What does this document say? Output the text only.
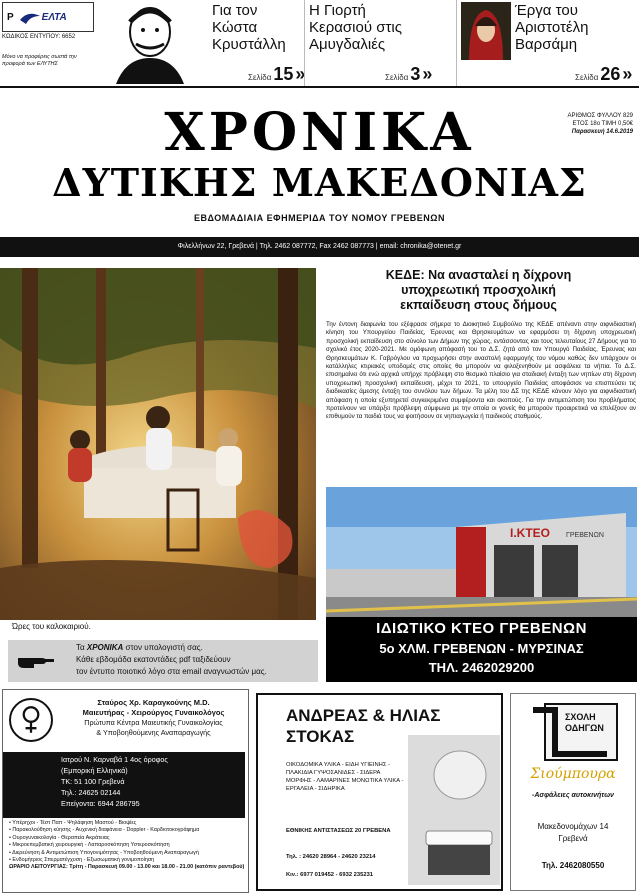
P	ΕΛΤΑ
ΚΩΔΙΚΟΣ ΕΝΤΥΠΟΥ: 6652
Μόνο να προφέρεις σωστά την προφορά των ΕΛΥΤΗΣ
Για τον
Κώστα
Κρυστάλλη
Σελίδα 15 »
Η Γιορτή
Κερασιού στις
Αμυγδαλιές
Σελίδα 3 »
Έργα του
Αριστοτέλη
Βαρσάμη
Σελίδα 26 »
ΧΡΟΝΙΚΑ
ΔΥΤΙΚΗΣ ΜΑΚΕΔΟΝΙΑΣ
ΕΒΔΟΜΑΔΙΑΙΑ ΕΦΗΜΕΡΙΔΑ ΤΟΥ ΝΟΜΟΥ ΓΡΕΒΕΝΩΝ
ΑΡΙΘΜΟΣ ΦΥΛΛΟΥ 829
ΕΤΟΣ 18ο ΤΙΜΗ 0,50€
Παρασκευή 14.6.2019
Φιλελλήνων 22, Γρεβενά | Τηλ. 2462 087772, Fax 2462 087773 | email: chronika@otenet.gr
Ώρες του καλοκαιριού.
ΚΕΔΕ: Να ανασταλεί η δίχρονη
υποχρεωτική προσχολική
εκπαίδευση στους δήμους
Την έντονη διαφωνία του εξέφρασε σήμερα το Διοικητικό Συμβούλιο της ΚΕΔΕ απέναντι στην αιφνιδιαστική κίνηση του Υπουργείου Παιδείας, Έρευνας και Θρησκευμάτων να εφαρμόσει τη δίχρονη υποχρεωτική προσχολική εκπαίδευση στο σύνολο των Δήμων της χώρας, εντάσσοντας και τους τελευταίους 27 Δήμους για το σχολικό έτος 2020-2021. Με ομόφωνη απόφασή του το Δ.Σ. ζητά από τον Υπουργό Παιδείας, Έρευνας και Θρησκευμάτων Κ. Γαβρόγλου να προχωρήσει στην αναστολή εφαρμογής του νόμου καθώς δεν υπάρχουν οι κατάλληλες κτιριακές υποδομές στις οποίες θα μπορούν να φιλοξενηθούν με ασφάλεια τα νήπια. Το Δ.Σ. επισημαίνει ότι ενώ αρχικά υπήρχε πρόβλεψη στο θεσμικό πλαίσιο για σταδιακή ένταξη των νηπίων στη δίχρονη υποχρεωτική προσχολική εκπαίδευση, μέχρι το 2021, το υπουργείο Παιδείας αποφάσισε να επισπεύσει τις διαδικασίες άμεσης ένταξη του συνόλου των δήμων. Τα μέλη του ΔΣ της ΚΕΔΕ κάνουν λόγο για αιφνιδιαστική απόφαση η οποία εξυπηρετεί συγκεκριμένα συμφέροντα και σκοπούς. Για την αντιμετώπιση του προβλήματος προτείνουν να υπάρξει πρόβλεψη σύμφωνα με την οποία οι γονείς θα μπορούν προαιρετικά να επιλέξουν αν επιθυμούν τα παιδιά τους να φοιτήσουν σε νηπιαγωγεία ή παιδικούς σταθμούς.
Ι.ΚΤΕΟ ΓΡΕΒΕΝΩΝ
ΙΔΙΩΤΙΚΟ ΚΤΕΟ ΓΡΕΒΕΝΩΝ
5ο ΧΛΜ. ΓΡΕΒΕΝΩΝ - ΜΥΡΣΙΝΑΣ
ΤΗΛ. 2462029200
Τα ΧΡΟΝΙΚΑ στον υπολογιστή σας.
Κάθε εβδομάδα εκατοντάδες pdf ταξιδεύουν
τον έντυπο ποιοτικό λόγο στα email αναγνωστών μας.
Σταύρος Χρ. Καραγκούνης M.D.
Μαιευτήρας - Χειρούργος Γυναικολόγος
Πρώτυπα Κέντρα Μαιευτικής Γυναικολογίας
& Υποβοηθούμενης Αναπαραγωγής
Ιατρού Ν. Καρναβά 1 4ος όροφος
(Εμπορική Ελληνικά)
ΤΚ: 51 100 Γρεβενά
Τηλ.: 24625 02144
Επείγοντα: 6944 286795
• Υπέρηχοι - Τέστ Παπ - Ψηλάφηση Μαστού - Βιοψίες
• Παρακολούθηση κύησης - Αυχενική διαφάνεια - Doppler - Καρδιοτοκογράφημα
• Ουρογυναικολογία - Θεραπεία Ακράτειας
• Μικροεπεμβατική χειρουργική - Λαπαροσκόπηση Υστεροσκόπηση
• Διερεύνηση & Αντιμετώπιση Υπογονιμότητας - Υποβοηθούμενη Αναπαραγωγή
• Ενδομήτριος Σπερματέγχυση - Εξωσωματική γονιμοποίηση
ΩΡΑΡΙΟ ΛΕΙΤΟΥΡΓΙΑΣ: Τρίτη - Παρασκευή 09.00 - 13.00 και 18.00 - 21.00 (κατόπιν ραντεβού)
ΑΝΔΡΕΑΣ & ΗΛΙΑΣ
ΣΤΟΚΑΣ
ΟΙΚΟΔΟΜΙΚΑ ΥΛΙΚΑ - ΕΙΔΗ ΥΓΙΕΙΝΗΣ - ΠΛΑΚΙΔΙΑ ΓΥΨΟΣΑΝΙΔΕΣ - ΣΙΔΕΡΑ ΜΟΡΦΗΣ - ΛΑΜΑΡΙΝΕΣ ΜΟΝΩΤΙΚΑ ΥΛΙΚΑ - ΕΡΓΑΛΕΙΑ - ΣΙΔΗΡΙΚΑ
ΕΘΝΙΚΗΣ ΑΝΤΙΣΤΑΣΕΩΣ 20 ΓΡΕΒΕΝΑ
Τηλ. : 24620 28964 - 24620 23214
Κιν.: 6977 019452 - 6932 235231
ΣΧΟΛΗ
ΟΔΗΓΩΝ
Σιούμπουρα
-Ασφάλειες αυτοκινήτων
Μακεδονομάχων 14
Γρεβενά
Τηλ. 2462080550
